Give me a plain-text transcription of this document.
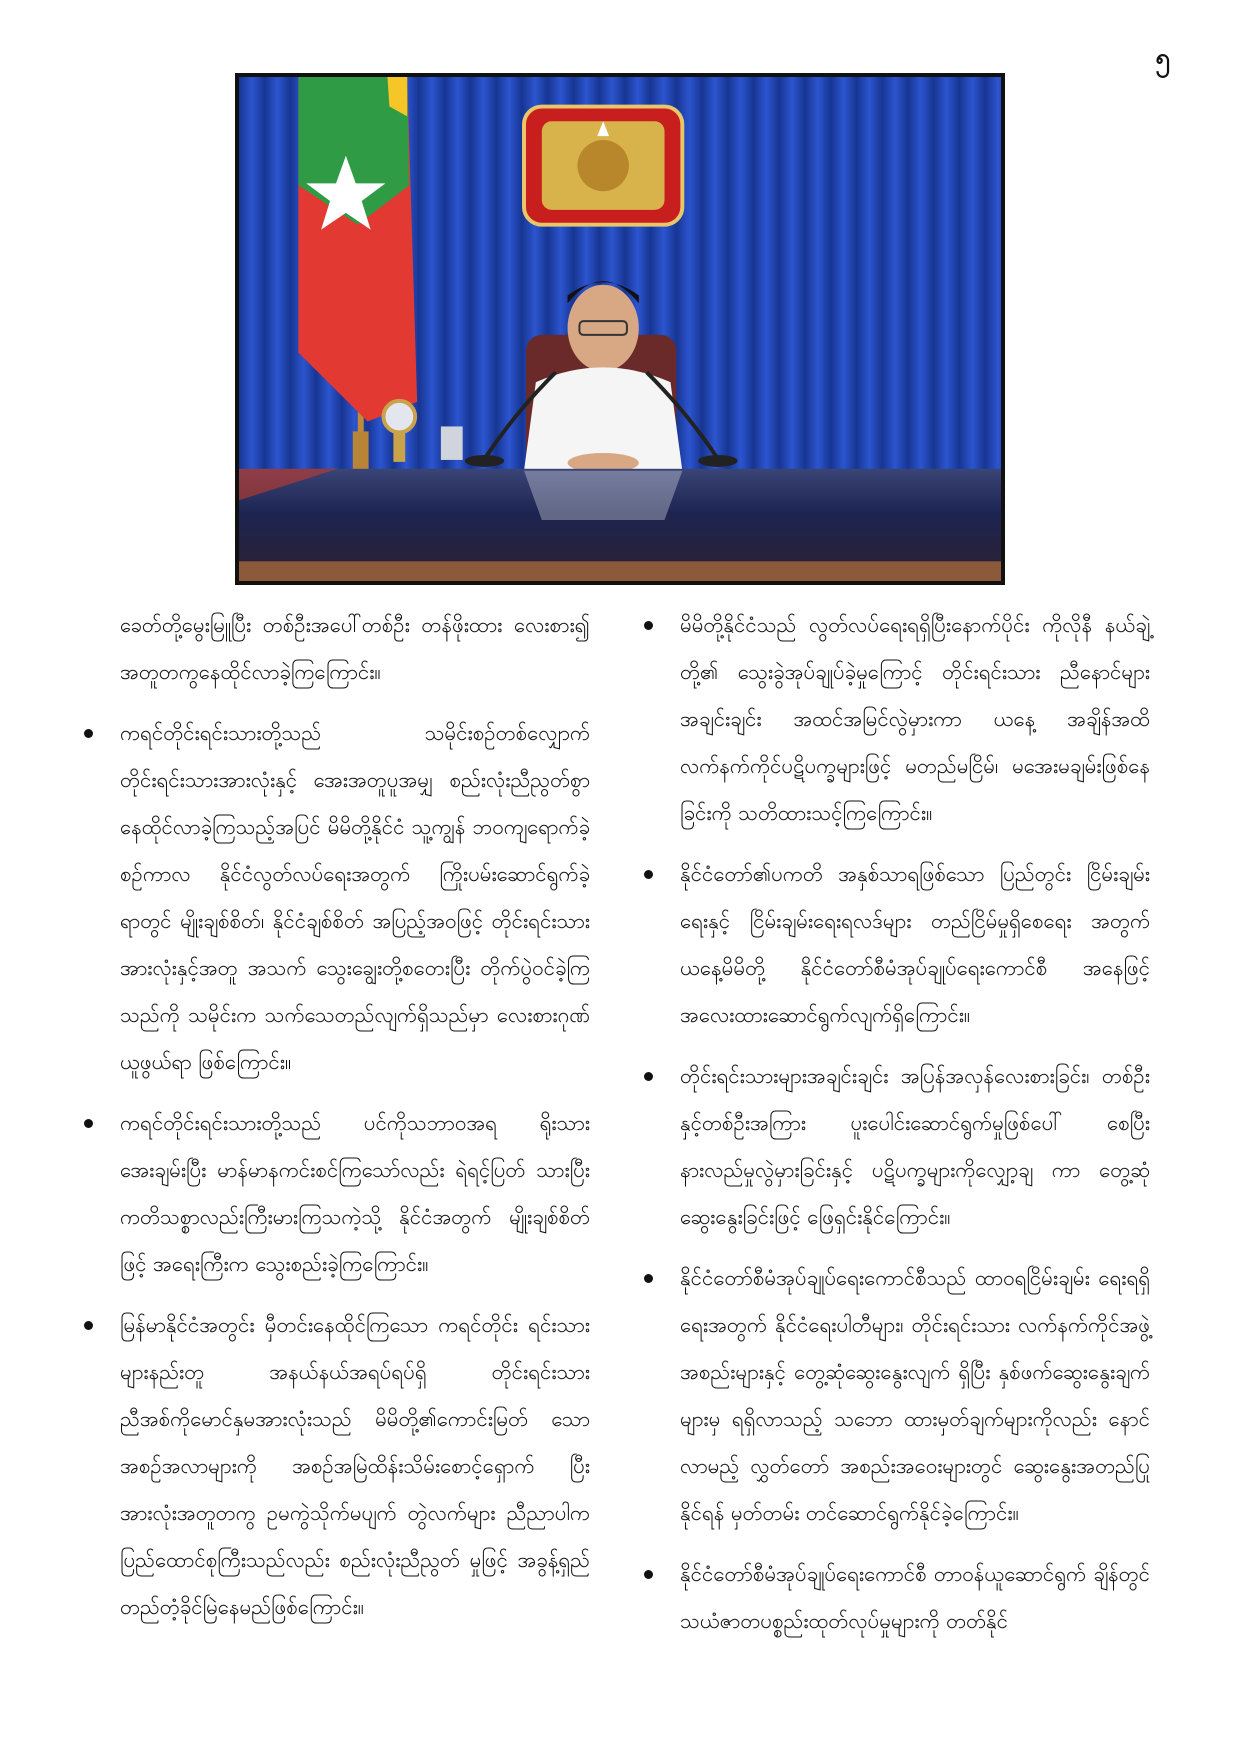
၅

ခေတ်တို့မွေးမြူပြီး တစ်ဦးအပေါ်တစ်ဦး တန်ဖိုးထား လေးစား၍ အတူတကွနေထိုင်လာခဲ့ကြကြောင်း။

ကရင်တိုင်းရင်းသားတို့သည် သမိုင်းစဉ်တစ်လျှောက် တိုင်းရင်းသားအားလုံးနှင့် အေးအတူပူအမျှ စည်းလုံးညီညွတ်စွာနေထိုင်လာခဲ့ကြသည့်အပြင် မိမိတို့နိုင်ငံ သူ့ကျွန် ဘဝကျရောက်ခဲ့စဉ်ကာလ နိုင်ငံလွတ်လပ်ရေးအတွက် ကြိုးပမ်းဆောင်ရွက်ခဲ့ရာတွင် မျိုးချစ်စိတ်၊ နိုင်ငံချစ်စိတ် အပြည့်အဝဖြင့် တိုင်းရင်းသားအားလုံးနှင့်အတူ အသက် သွေးချွေးတို့စတေးပြီး တိုက်ပွဲဝင်ခဲ့ကြသည်ကို သမိုင်းက သက်သေတည်လျက်ရှိသည်မှာ လေးစားဂုဏ်ယူဖွယ်ရာ ဖြစ်ကြောင်း။
ကရင်တိုင်းရင်းသားတို့သည် ပင်ကိုသဘာဝအရ ရိုးသား အေးချမ်းပြီး မာန်မာနကင်းစင်ကြသော်လည်း ရဲရင့်ပြတ် သားပြီး ကတိသစ္စာလည်းကြီးမားကြသကဲ့သို့ နိုင်ငံအတွက် မျိုးချစ်စိတ်ဖြင့် အရေးကြီးက သွေးစည်းခဲ့ကြကြောင်း။
မြန်မာနိုင်ငံအတွင်း မှီတင်းနေထိုင်ကြသော ကရင်တိုင်း ရင်းသားများနည်းတူ အနယ်နယ်အရပ်ရပ်ရှိ တိုင်းရင်းသား ညီအစ်ကိုမောင်နှမအားလုံးသည် မိမိတို့၏ကောင်းမြတ် သောအစဉ်အလာများကို အစဉ်အမြဲထိန်းသိမ်းစောင့်ရှောက် ပြီး အားလုံးအတူတကွ ဥမကွဲသိုက်မပျက် တွဲလက်များ ညီညာပါက ပြည်ထောင်စုကြီးသည်လည်း စည်းလုံးညီညွတ် မှုဖြင့် အခွန့်ရှည်တည်တံ့ခိုင်မြဲနေမည်ဖြစ်ကြောင်း။
မိမိတို့နိုင်ငံသည် လွတ်လပ်ရေးရရှိပြီးနောက်ပိုင်း ကိုလိုနီ နယ်ချဲ့တို့၏ သွေးခွဲအုပ်ချုပ်ခဲ့မှုကြောင့် တိုင်းရင်းသား ညီနောင်များအချင်းချင်း အထင်အမြင်လွဲမှားကာ ယနေ့ အချိန်အထိ လက်နက်ကိုင်ပဋိပက္ခများဖြင့် မတည်မငြိမ်၊ မအေးမချမ်းဖြစ်နေခြင်းကို သတိထားသင့်ကြကြောင်း။
နိုင်ငံတော်၏ပကတိ အနှစ်သာရဖြစ်သော ပြည်တွင်း ငြိမ်းချမ်းရေးနှင့် ငြိမ်းချမ်းရေးရလဒ်များ တည်ငြိမ်မှုရှိစေရေး အတွက် ယနေ့မိမိတို့ နိုင်ငံတော်စီမံအုပ်ချုပ်ရေးကောင်စီ အနေဖြင့် အလေးထားဆောင်ရွက်လျက်ရှိကြောင်း။
တိုင်းရင်းသားများအချင်းချင်း အပြန်အလှန်လေးစားခြင်း၊ တစ်ဦးနှင့်တစ်ဦးအကြား ပူးပေါင်းဆောင်ရွက်မှုဖြစ်ပေါ် စေပြီး နားလည်မှုလွဲမှားခြင်းနှင့် ပဋိပက္ခများကိုလျှော့ချ ကာ တွေ့ဆုံဆွေးနွေးခြင်းဖြင့် ဖြေရှင်းနိုင်ကြောင်း။
နိုင်ငံတော်စီမံအုပ်ချုပ်ရေးကောင်စီသည် ထာဝရငြိမ်းချမ်း ရေးရရှိရေးအတွက် နိုင်ငံရေးပါတီများ၊ တိုင်းရင်းသား လက်နက်ကိုင်အဖွဲ့အစည်းများနှင့် တွေ့ဆုံဆွေးနွေးလျက် ရှိပြီး နှစ်ဖက်ဆွေးနွေးချက်များမှ ရရှိလာသည့် သဘော ထားမှတ်ချက်များကိုလည်း နောင်လာမည့် လွှတ်တော် အစည်းအဝေးများတွင် ဆွေးနွေးအတည်ပြုနိုင်ရန် မှတ်တမ်း တင်ဆောင်ရွက်နိုင်ခဲ့ကြောင်း။
နိုင်ငံတော်စီမံအုပ်ချုပ်ရေးကောင်စီ တာဝန်ယူဆောင်ရွက် ချိန်တွင် သယံဇာတပစ္စည်းထုတ်လုပ်မှုများကို တတ်နိုင်
